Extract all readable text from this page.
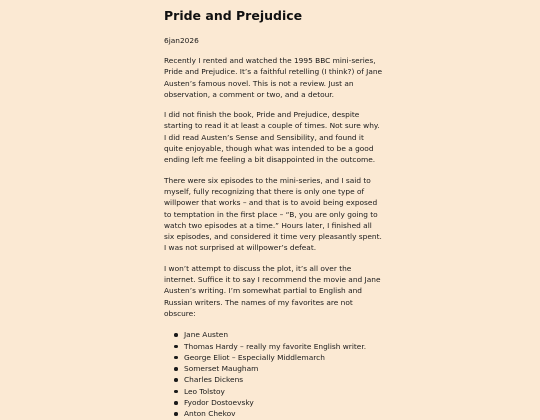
Pride and Prejudice

6jan2026

Recently I rented and watched the 1995 BBC mini-series, Pride and Prejudice. It’s a faithful retelling (I think?) of Jane Austen’s famous novel. This is not a review. Just an observation, a comment or two, and a detour.

I did not finish the book, Pride and Prejudice, despite starting to read it at least a couple of times. Not sure why. I did read Austen’s Sense and Sensibility, and found it quite enjoyable, though what was intended to be a good ending left me feeling a bit disappointed in the outcome.

There were six episodes to the mini-series, and I said to myself, fully recognizing that there is only one type of willpower that works – and that is to avoid being exposed to temptation in the first place – “B, you are only going to watch two episodes at a time.” Hours later, I finished all six episodes, and considered it time very pleasantly spent. I was not surprised at willpower’s defeat.

I won’t attempt to discuss the plot, it’s all over the internet. Suffice it to say I recommend the movie and Jane Austen’s writing. I’m somewhat partial to English and Russian writers. The names of my favorites are not obscure:

Jane Austen
Thomas Hardy – really my favorite English writer.
George Eliot – Especially Middlemarch
Somerset Maugham
Charles Dickens
Leo Tolstoy
Fyodor Dostoevsky
Anton Chekov
